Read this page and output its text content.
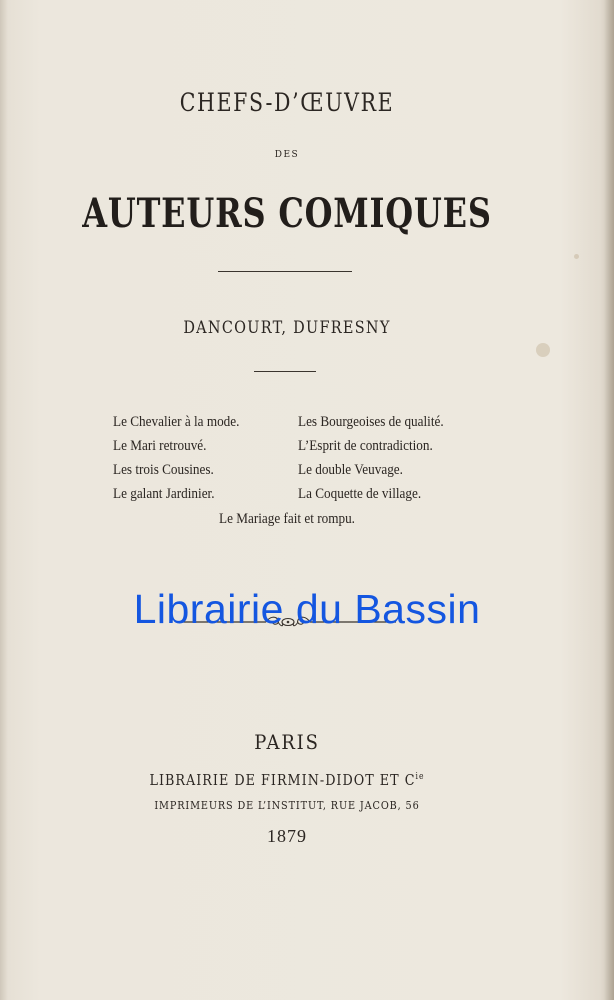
CHEFS-D’ŒUVRE
DES
AUTEURS COMIQUES
DANCOURT, DUFRESNY
Le Chevalier à la mode.	Les Bourgeoises de qualité.
Le Mari retrouvé.	L’Esprit de contradiction.
Les trois Cousines.	Le double Veuvage.
Le galant Jardinier.	La Coquette de village.
Le Mariage fait et rompu.
Librairie du Bassin
PARIS
LIBRAIRIE DE FIRMIN-DIDOT ET $C^{ie}$
IMPRIMEURS DE L’INSTITUT, RUE JACOB, 56
1879
